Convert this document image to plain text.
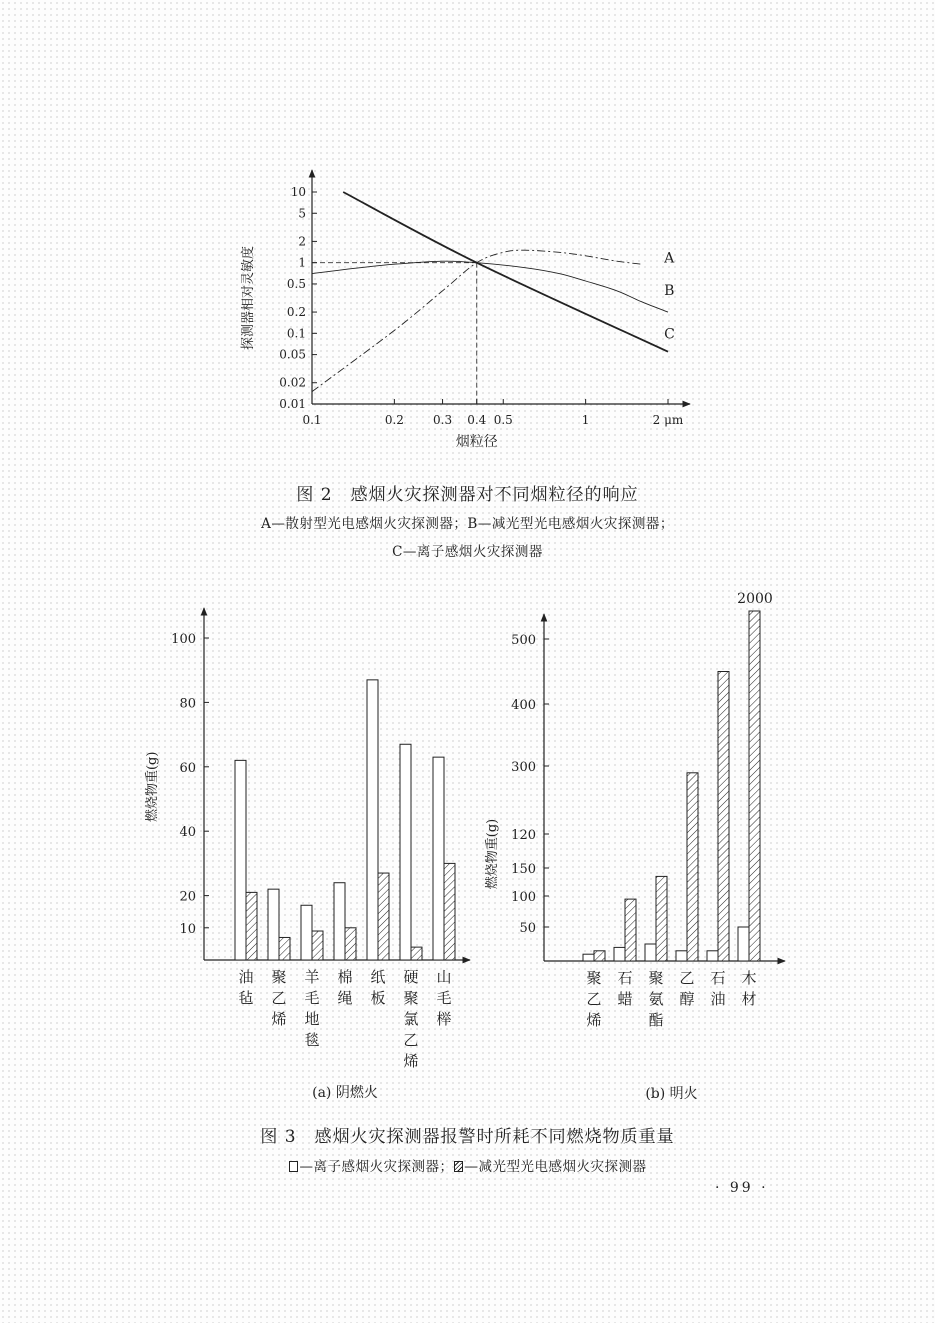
A
B
C
0.01
0.02
0.05
0.1
0.2
0.5
1
2
5
10
0.1	0.2 0.3 0.4 0.5	1	2 μm
烟粒径
探测器相对灵敏度
图 2　感烟火灾探测器对不同烟粒径的响应
A—散射型光电感烟火灾探测器；B—减光型光电感烟火灾探测器；
C—离子感烟火灾探测器
10
20
40
60
80
100
燃烧物重(g)
油毡
聚乙烯
羊毛地毯
棉绳
纸板
硬聚氯乙烯
山毛榉
(a) 阴燃火
50
100
150
120
300
400
500
燃烧物重(g)
2000
聚乙烯
石蜡
聚氨酯
乙醇
石油
木材
(b) 明火
图 3　感烟火灾探测器报警时所耗不同燃烧物质重量
—离子感烟火灾探测器； —减光型光电感烟火灾探测器
· 99 ·
